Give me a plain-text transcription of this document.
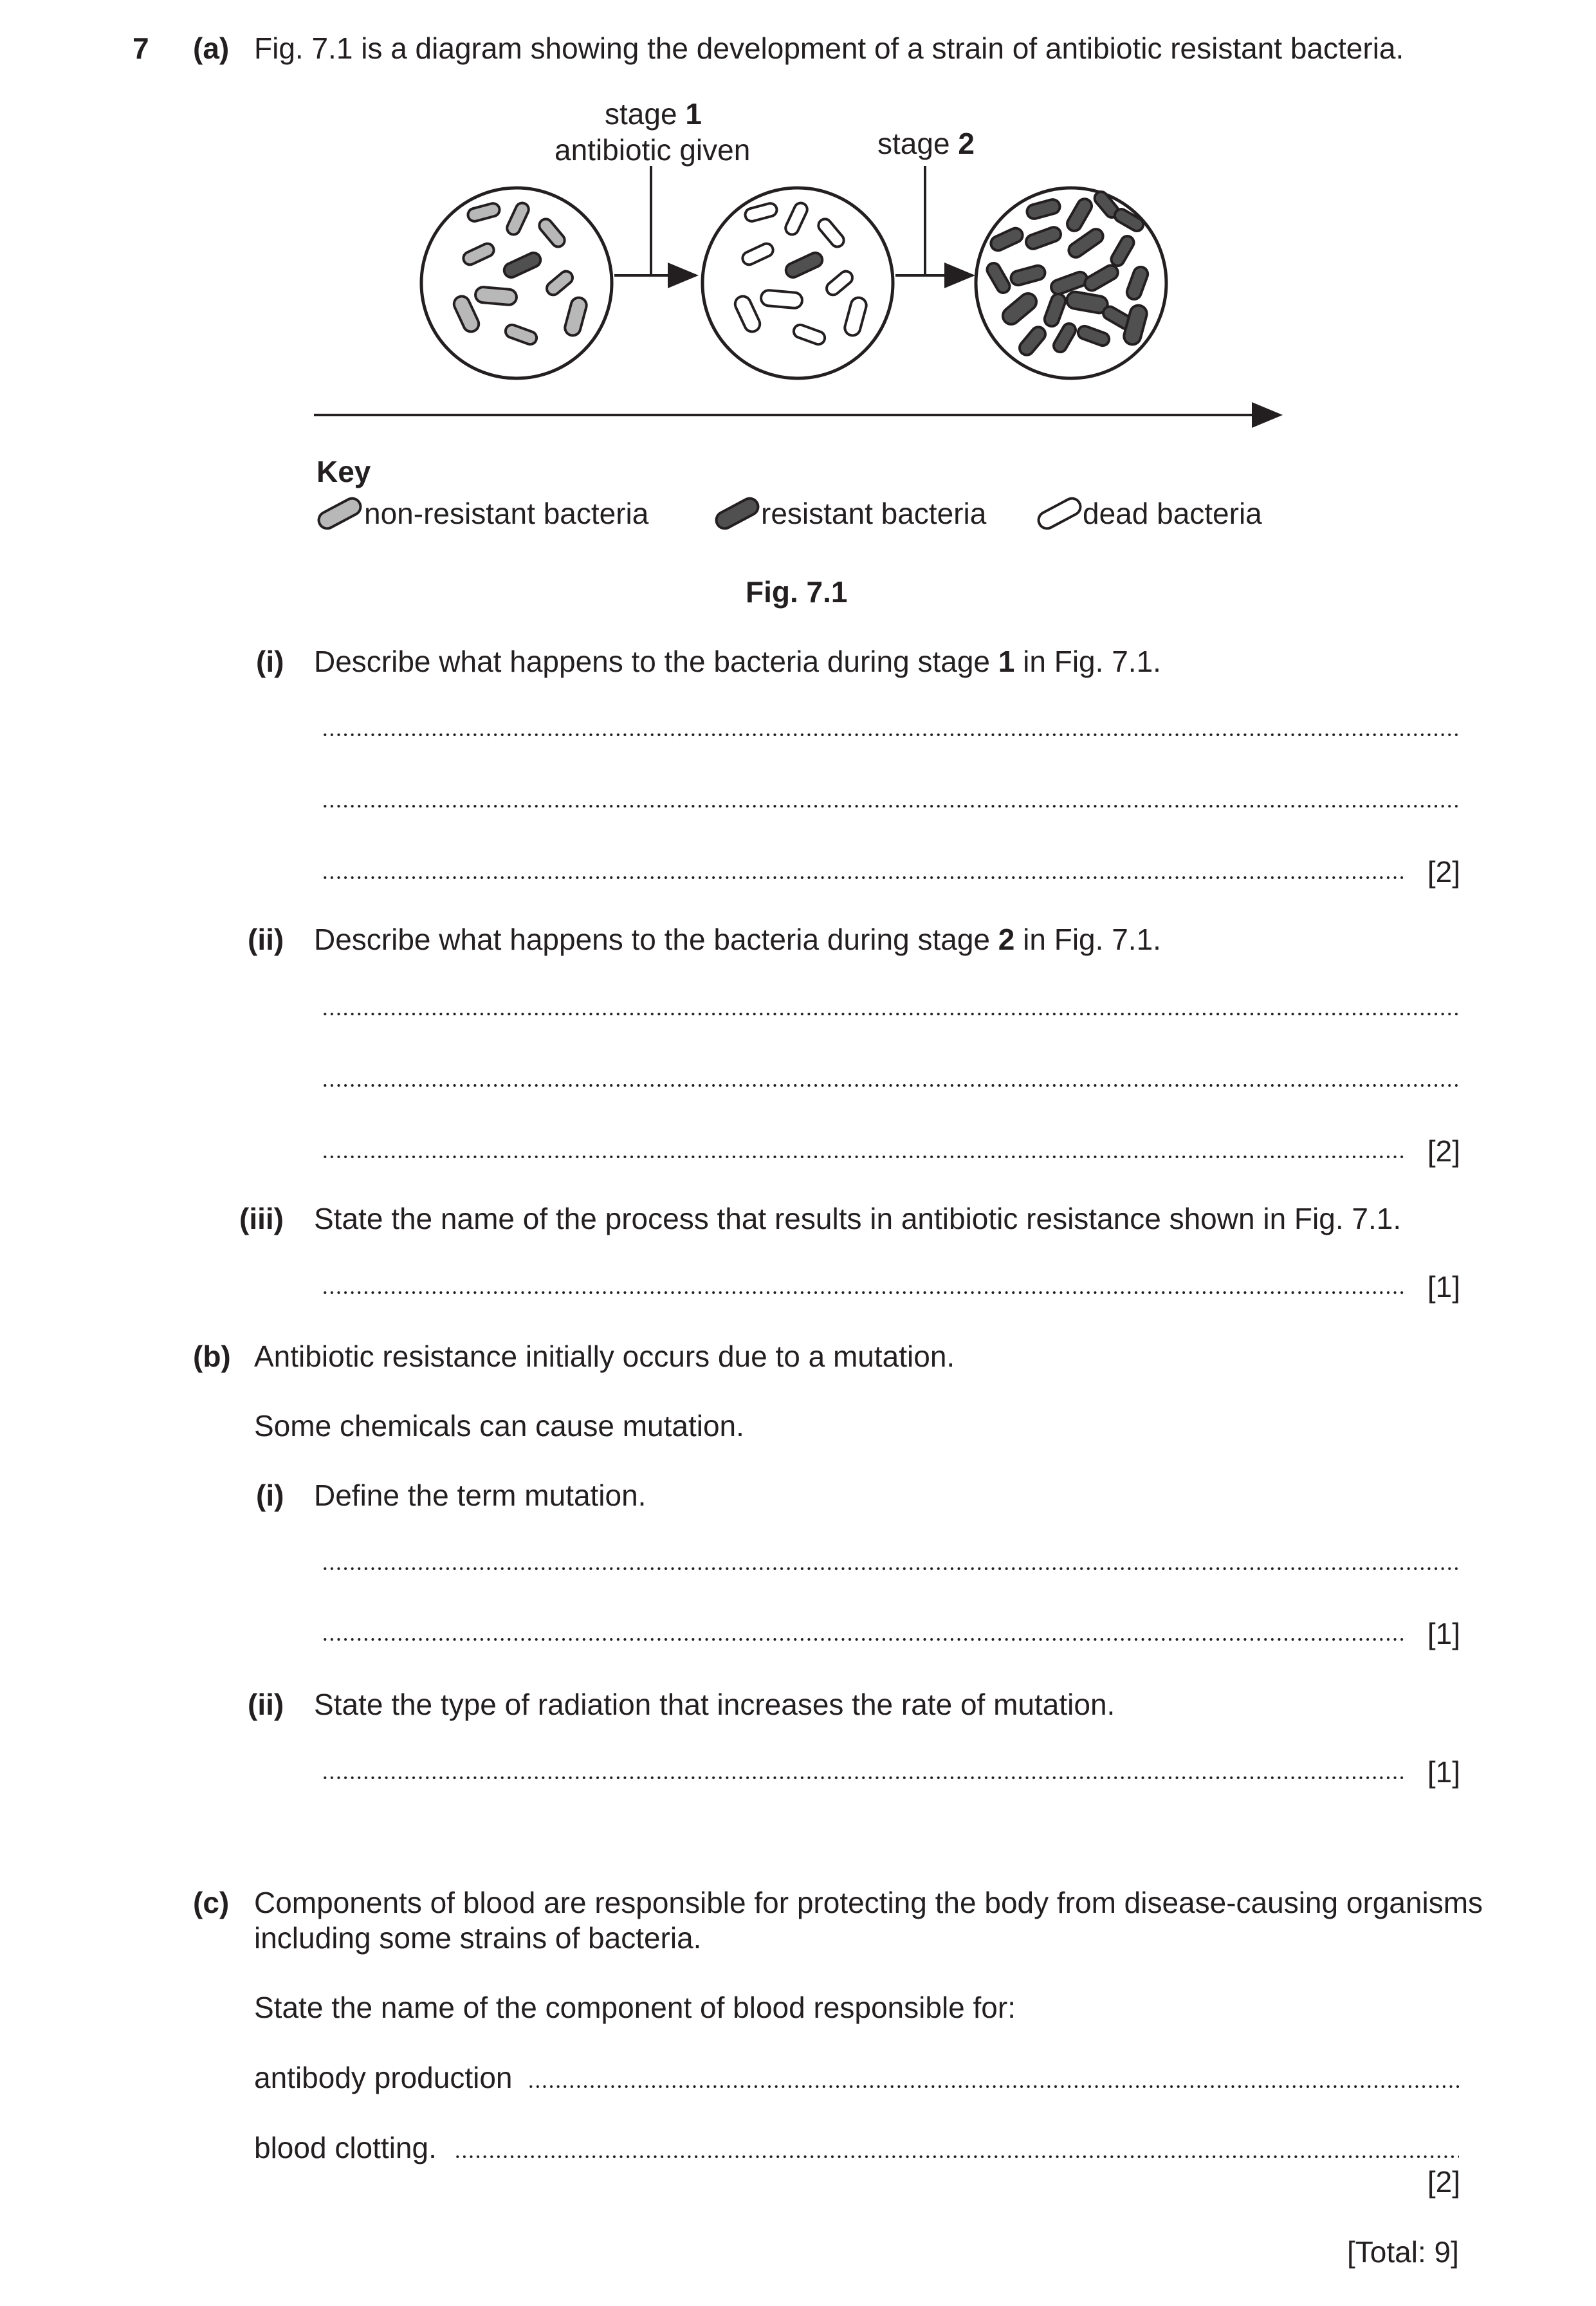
7 (a) Fig. 7.1 is a diagram showing the development of a strain of antibiotic resistant bacteria.
stage 1
antibiotic given	stage 2
Key
non-resistant bacteria	resistant bacteria	dead bacteria
Fig. 7.1
(i) Describe what happens to the bacteria during stage 1 in Fig. 7.1.
[2]
(ii) Describe what happens to the bacteria during stage 2 in Fig. 7.1.
[2]
(iii) State the name of the process that results in antibiotic resistance shown in Fig. 7.1.
[1]
(b) Antibiotic resistance initially occurs due to a mutation.
Some chemicals can cause mutation.
(i) Define the term mutation.
[1]
(ii) State the type of radiation that increases the rate of mutation.
[1]
(c) Components of blood are responsible for protecting the body from disease-causing organisms
including some strains of bacteria.
State the name of the component of blood responsible for:
antibody production
blood clotting.
[2]
[Total: 9]
